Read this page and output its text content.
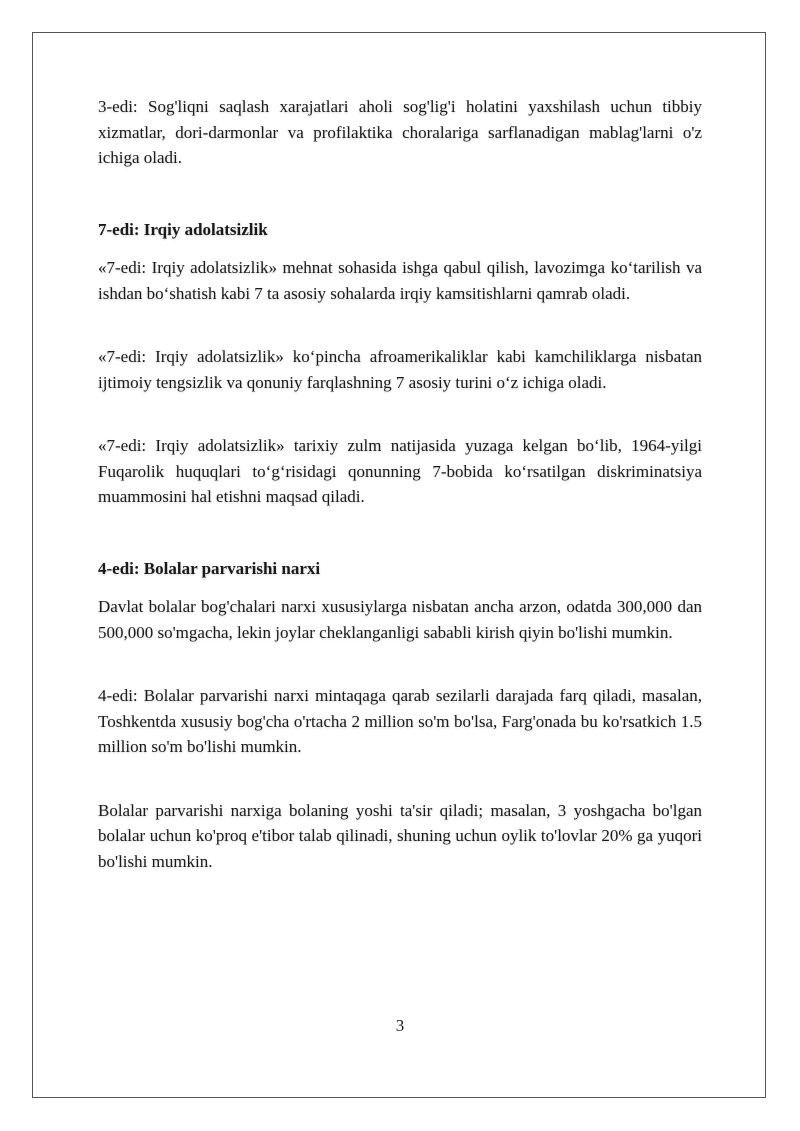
3-edi: Sog'liqni saqlash xarajatlari aholi sog'lig'i holatini yaxshilash uchun tibbiy xizmatlar, dori-darmonlar va profilaktika choralariga sarflanadigan mablag'larni o'z ichiga oladi.

7-edi: Irqiy adolatsizlik

«7-edi: Irqiy adolatsizlik» mehnat sohasida ishga qabul qilish, lavozimga ko‘tarilish va ishdan bo‘shatish kabi 7 ta asosiy sohalarda irqiy kamsitishlarni qamrab oladi.

«7-edi: Irqiy adolatsizlik» ko‘pincha afroamerikaliklar kabi kamchiliklarga nisbatan ijtimoiy tengsizlik va qonuniy farqlashning 7 asosiy turini o‘z ichiga oladi.

«7-edi: Irqiy adolatsizlik» tarixiy zulm natijasida yuzaga kelgan bo‘lib, 1964-yilgi Fuqarolik huquqlari to‘g‘risidagi qonunning 7-bobida ko‘rsatilgan diskriminatsiya muammosini hal etishni maqsad qiladi.

4-edi: Bolalar parvarishi narxi

Davlat bolalar bog'chalari narxi xususiylarga nisbatan ancha arzon, odatda 300,000 dan 500,000 so'mgacha, lekin joylar cheklanganligi sababli kirish qiyin bo'lishi mumkin.

4-edi: Bolalar parvarishi narxi mintaqaga qarab sezilarli darajada farq qiladi, masalan, Toshkentda xususiy bog'cha o'rtacha 2 million so'm bo'lsa, Farg'onada bu ko'rsatkich 1.5 million so'm bo'lishi mumkin.

Bolalar parvarishi narxiga bolaning yoshi ta'sir qiladi; masalan, 3 yoshgacha bo'lgan bolalar uchun ko'proq e'tibor talab qilinadi, shuning uchun oylik to'lovlar 20% ga yuqori bo'lishi mumkin.

3
